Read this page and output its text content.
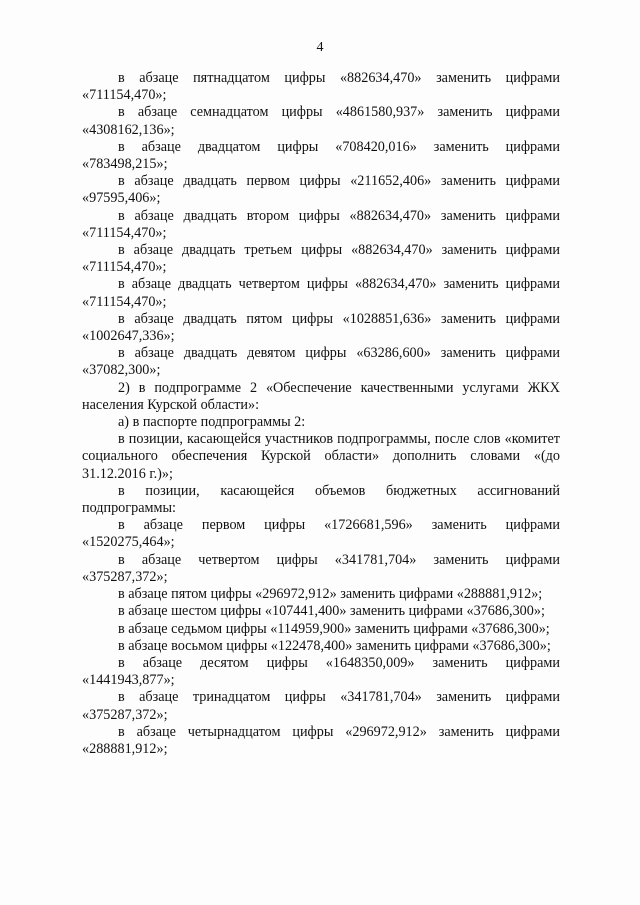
4

в абзаце пятнадцатом цифры «882634,470» заменить цифрами «711154,470»;

в абзаце семнадцатом цифры «4861580,937» заменить цифрами «4308162,136»;

в абзаце двадцатом цифры «708420,016» заменить цифрами «783498,215»;

в абзаце двадцать первом цифры «211652,406» заменить цифрами «97595,406»;

в абзаце двадцать втором цифры «882634,470» заменить цифрами «711154,470»;

в абзаце двадцать третьем цифры «882634,470» заменить цифрами «711154,470»;

в абзаце двадцать четвертом цифры «882634,470» заменить цифрами «711154,470»;

в абзаце двадцать пятом цифры «1028851,636» заменить цифрами «1002647,336»;

в абзаце двадцать девятом цифры «63286,600» заменить цифрами «37082,300»;

2) в подпрограмме 2 «Обеспечение качественными услугами ЖКХ населения Курской области»:

а) в паспорте подпрограммы 2:

в позиции, касающейся участников подпрограммы, после слов «комитет социального обеспечения Курской области» дополнить словами «(до 31.12.2016 г.)»;

в позиции, касающейся объемов бюджетных ассигнований подпрограммы:

в абзаце первом цифры «1726681,596» заменить цифрами «1520275,464»;

в абзаце четвертом цифры «341781,704» заменить цифрами «375287,372»;

в абзаце пятом цифры «296972,912» заменить цифрами «288881,912»;

в абзаце шестом цифры «107441,400» заменить цифрами «37686,300»;

в абзаце седьмом цифры «114959,900» заменить цифрами «37686,300»;

в абзаце восьмом цифры «122478,400» заменить цифрами «37686,300»;

в абзаце десятом цифры «1648350,009» заменить цифрами «1441943,877»;

в абзаце тринадцатом цифры «341781,704» заменить цифрами «375287,372»;

в абзаце четырнадцатом цифры «296972,912» заменить цифрами «288881,912»;
